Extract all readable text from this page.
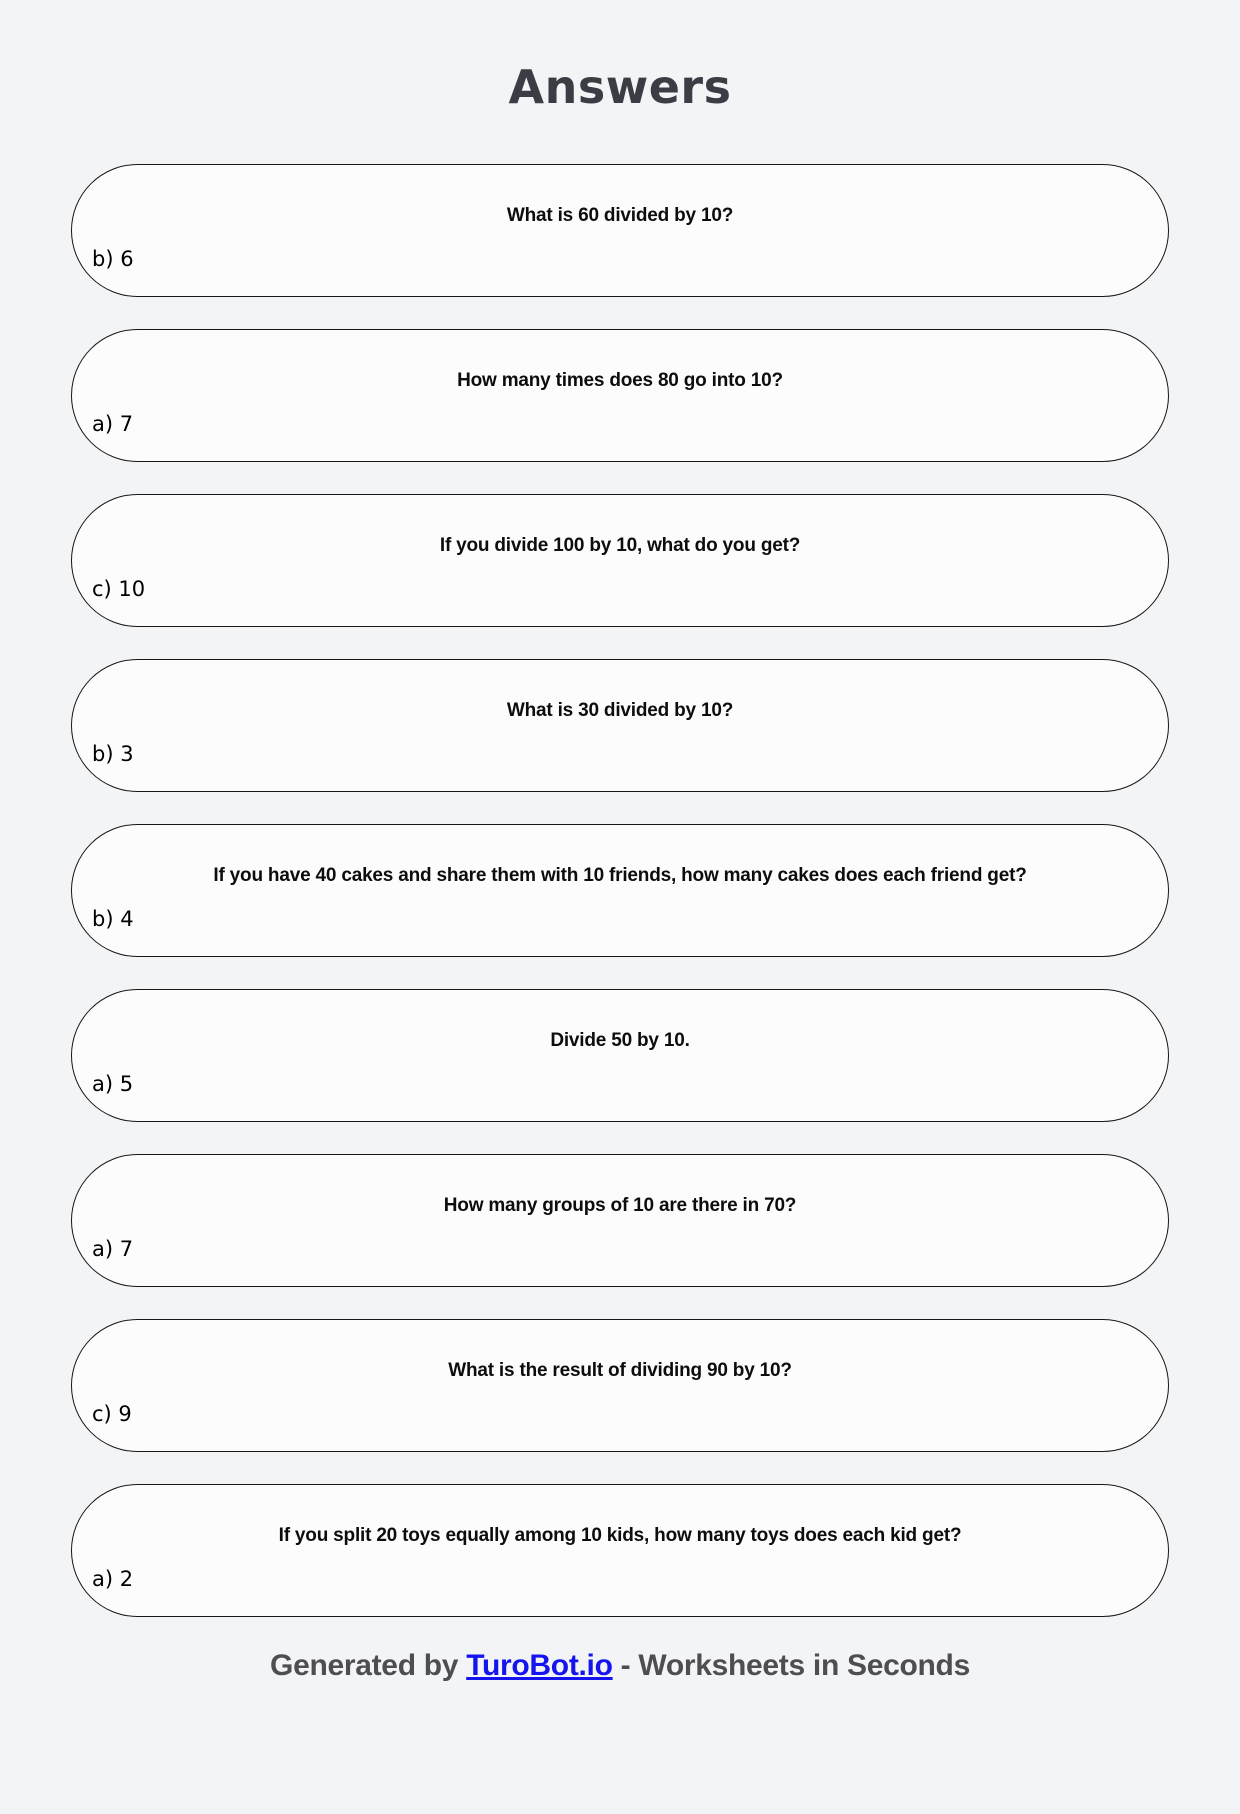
Answers
What is 60 divided by 10?
b) 6
How many times does 80 go into 10?
a) 7
If you divide 100 by 10, what do you get?
c) 10
What is 30 divided by 10?
b) 3
If you have 40 cakes and share them with 10 friends, how many cakes does each friend get?
b) 4
Divide 50 by 10.
a) 5
How many groups of 10 are there in 70?
a) 7
What is the result of dividing 90 by 10?
c) 9
If you split 20 toys equally among 10 kids, how many toys does each kid get?
a) 2
Generated by TuroBot.io - Worksheets in Seconds
